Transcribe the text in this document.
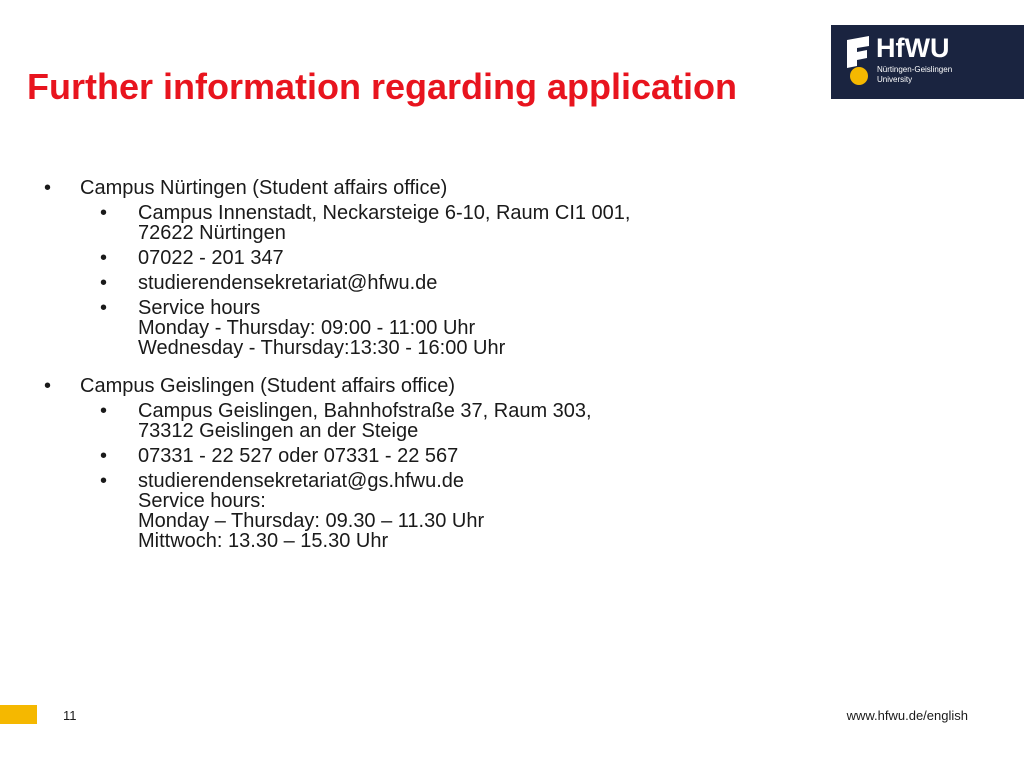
Further information regarding application
HfWU
Nürtingen-Geislingen
University
• Campus Nürtingen (Student affairs office)
• Campus Innenstadt, Neckarsteige 6-10, Raum CI1 001,
72622 Nürtingen
• 07022 - 201 347
• studierendensekretariat@hfwu.de
• Service hours
Monday - Thursday: 09:00 - 11:00 Uhr
Wednesday - Thursday:13:30 - 16:00 Uhr
• Campus Geislingen (Student affairs office)
• Campus Geislingen, Bahnhofstraße 37, Raum 303,
73312 Geislingen an der Steige
• 07331 - 22 527 oder 07331 - 22 567
• studierendensekretariat@gs.hfwu.de
Service hours:
Monday – Thursday: 09.30 – 11.30 Uhr
Mittwoch: 13.30 – 15.30 Uhr
11	www.hfwu.de/english
